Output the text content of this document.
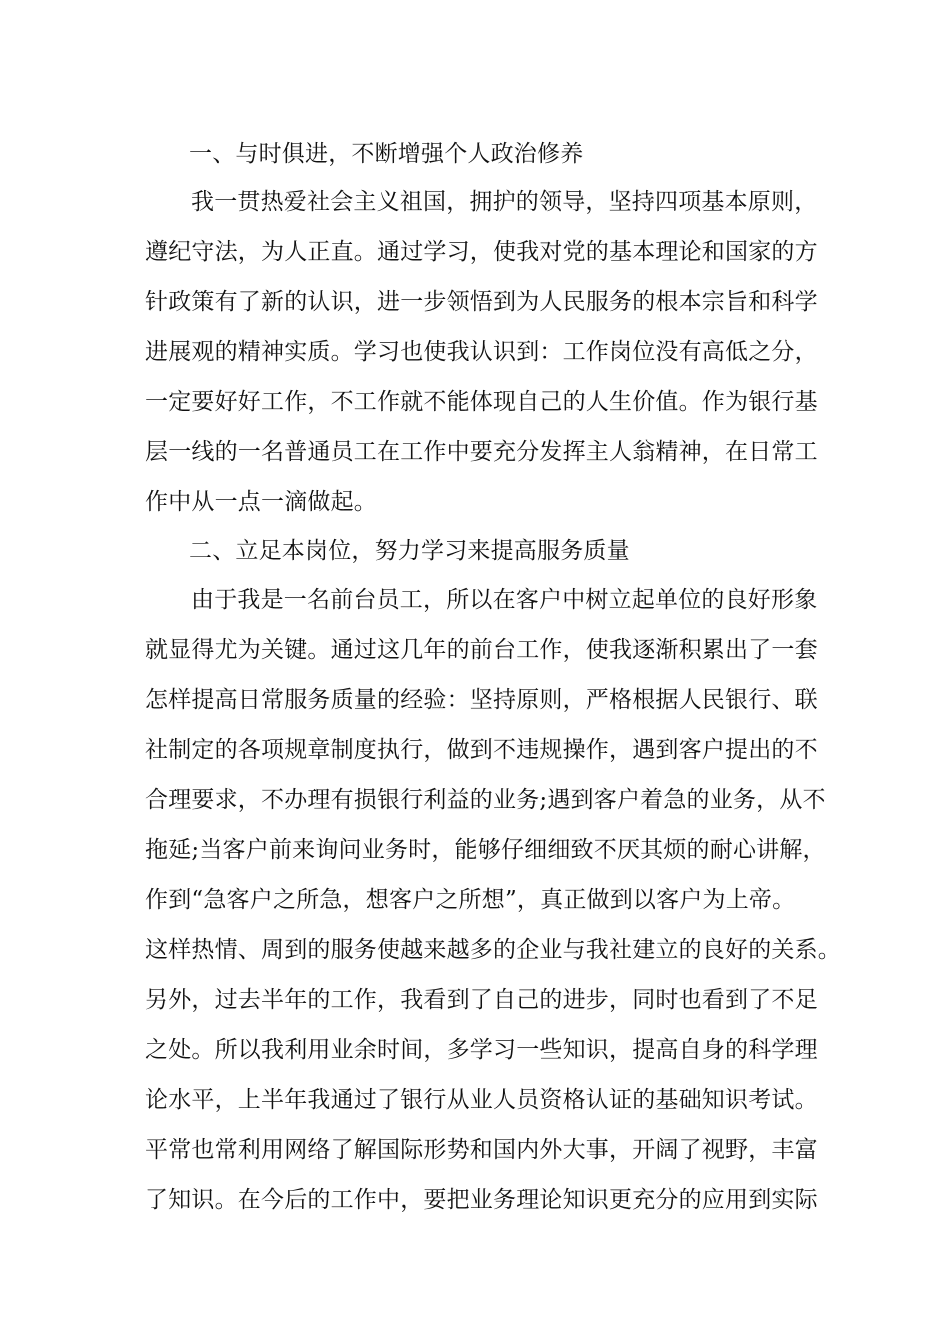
一、与时俱进，不断增强个人政治修养
我一贯热爱社会主义祖国，拥护的领导，坚持四项基本原则，
遵纪守法，为人正直。通过学习，使我对党的基本理论和国家的方
针政策有了新的认识，进一步领悟到为人民服务的根本宗旨和科学
进展观的精神实质。学习也使我认识到：工作岗位没有高低之分，
一定要好好工作，不工作就不能体现自己的人生价值。作为银行基
层一线的一名普通员工在工作中要充分发挥主人翁精神，在日常工
作中从一点一滴做起。
二、立足本岗位，努力学习来提高服务质量
由于我是一名前台员工，所以在客户中树立起单位的良好形象
就显得尤为关键。通过这几年的前台工作，使我逐渐积累出了一套
怎样提高日常服务质量的经验：坚持原则，严格根据人民银行、联
社制定的各项规章制度执行，做到不违规操作，遇到客户提出的不
合理要求，不办理有损银行利益的业务;遇到客户着急的业务，从不
拖延;当客户前来询问业务时，能够仔细细致不厌其烦的耐心讲解，
作到“急客户之所急，想客户之所想”，真正做到以客户为上帝。
这样热情、周到的服务使越来越多的企业与我社建立的良好的关系。
另外，过去半年的工作，我看到了自己的进步，同时也看到了不足
之处。所以我利用业余时间，多学习一些知识，提高自身的科学理
论水平，上半年我通过了银行从业人员资格认证的基础知识考试。
平常也常利用网络了解国际形势和国内外大事，开阔了视野，丰富
了知识。在今后的工作中，要把业务理论知识更充分的应用到实际
